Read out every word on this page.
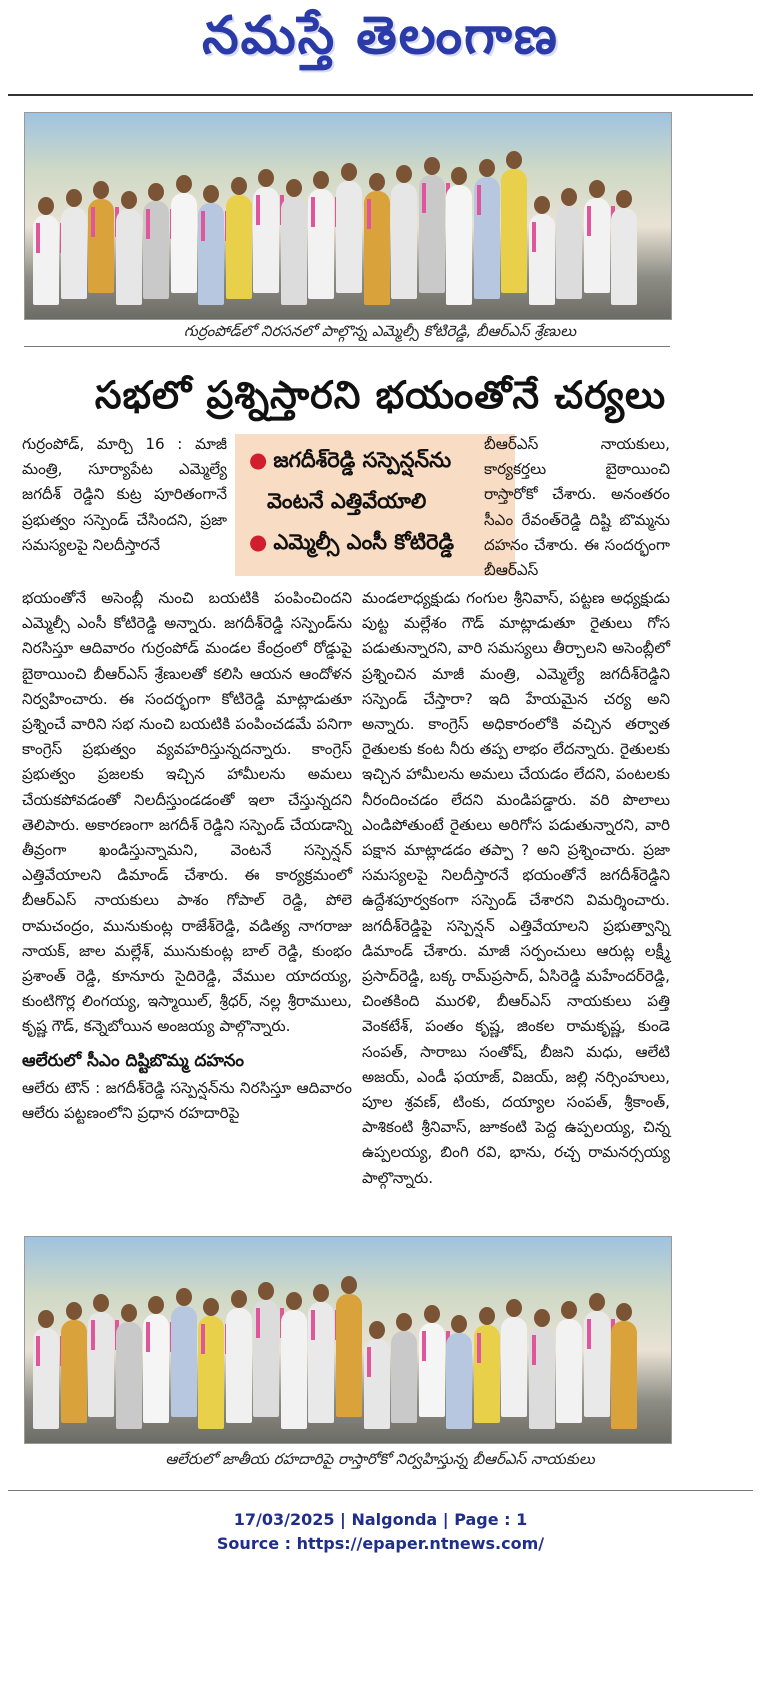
నమస్తే తెలంగాణ
గుర్రంపోడ్‌లో నిరసనలో పాల్గొన్న ఎమ్మెల్సీ కోటిరెడ్డి, బీఆర్‌ఎస్ శ్రేణులు
సభలో ప్రశ్నిస్తారని భయంతోనే చర్యలు
● జగదీశ్‌రెడ్డి సస్పెన్షన్‌ను
వెంటనే ఎత్తివేయాలి
● ఎమ్మెల్సీ ఎంసీ కోటిరెడ్డి
గుర్రంపోడ్, మార్చి 16 : మాజీ మంత్రి, సూర్యాపేట ఎమ్మెల్యే జగదీశ్ రెడ్డిని కుట్ర పూరితంగానే ప్రభుత్వం సస్పెండ్ చేసిందని, ప్రజా సమస్యలపై నిలదీస్తారనే

భయంతోనే అసెంబ్లీ నుంచి బయటికి పంపించిందని ఎమ్మెల్సీ ఎంసీ కోటిరెడ్డి అన్నారు. జగదీశ్‌రెడ్డి సస్పెండ్‌ను నిరసిస్తూ ఆదివారం గుర్రంపోడ్ మండల కేంద్రంలో రోడ్డుపై బైఠాయించి బీఆర్‌ఎస్ శ్రేణులతో కలిసి ఆయన ఆందోళన నిర్వహించారు. ఈ సందర్భంగా కోటిరెడ్డి మాట్లాడుతూ ప్రశ్నించే వారిని సభ నుంచి బయటికి పంపించడమే పనిగా కాంగ్రెస్ ప్రభుత్వం వ్యవహరిస్తున్నదన్నారు. కాంగ్రెస్ ప్రభుత్వం ప్రజలకు ఇచ్చిన హామీలను అమలు చేయకపోవడంతో నిలదీస్తుండడంతో ఇలా చేస్తున్నదని తెలిపారు. అకారణంగా జగదీశ్ రెడ్డిని సస్పెండ్ చేయడాన్ని తీవ్రంగా ఖండిస్తున్నామని, వెంటనే సస్పెన్షన్ ఎత్తివేయాలని డిమాండ్ చేశారు. ఈ కార్యక్రమంలో బీఆర్‌ఎస్ నాయకులు పాశం గోపాల్ రెడ్డి, పోలె రామచంద్రం, మునుకుంట్ల రాజేశ్‌రెడ్డి, వడిత్య నాగరాజు నాయక్, జాల మల్లేశ్, మునుకుంట్ల బాల్ రెడ్డి, కుంభం ప్రశాంత్ రెడ్డి, కూనూరు సైదిరెడ్డి, వేముల యాదయ్య, కుంటిగొర్ల లింగయ్య, ఇస్మాయిల్, శ్రీధర్, నల్ల శ్రీరాములు, కృష్ణ గౌడ్, కన్నెబోయిన అంజయ్య పాల్గొన్నారు.

ఆలేరులో సీఎం దిష్టిబొమ్మ దహనం

ఆలేరు టౌన్ : జగదీశ్‌రెడ్డి సస్పెన్షన్‌ను నిరసిస్తూ ఆదివారం ఆలేరు పట్టణంలోని ప్రధాన రహదారిపై

బీఆర్‌ఎస్ నాయకులు, కార్యకర్తలు బైఠాయించి రాస్తారోకో చేశారు. అనంతరం సీఎం రేవంత్‌రెడ్డి దిష్టి బొమ్మను దహనం చేశారు. ఈ సందర్భంగా బీఆర్‌ఎస్
మండలాధ్యక్షుడు గంగుల శ్రీనివాస్, పట్టణ అధ్యక్షుడు పుట్ట మల్లేశం గౌడ్ మాట్లాడుతూ రైతులు గోస పడుతున్నారని, వారి సమస్యలు తీర్చాలని అసెంబ్లీలో ప్రశ్నించిన మాజీ మంత్రి, ఎమ్మెల్యే జగదీశ్‌రెడ్డిని సస్పెండ్ చేస్తారా? ఇది హేయమైన చర్య అని అన్నారు. కాంగ్రెస్ అధికారంలోకి వచ్చిన తర్వాత రైతులకు కంట నీరు తప్ప లాభం లేదన్నారు. రైతులకు ఇచ్చిన హామీలను అమలు చేయడం లేదని, పంటలకు నీరందించడం లేదని మండిపడ్డారు. వరి పొలాలు ఎండిపోతుంటే రైతులు అరిగోస పడుతున్నారని, వారి పక్షాన మాట్లాడడం తప్పా ? అని ప్రశ్నించారు. ప్రజా సమస్యలపై నిలదీస్తారనే భయంతోనే జగదీశ్‌రెడ్డిని ఉద్దేశపూర్వకంగా సస్పెండ్ చేశారని విమర్శించారు. జగదీశ్‌రెడ్డిపై సస్పెన్షన్ ఎత్తివేయాలని ప్రభుత్వాన్ని డిమాండ్ చేశారు. మాజీ సర్పంచులు ఆరుట్ల లక్ష్మీ ప్రసాద్‌రెడ్డి, బక్క రామ్‌ప్రసాద్, ఏసిరెడ్డి మహేందర్‌రెడ్డి, చింతకింది మురళి, బీఆర్‌ఎస్ నాయకులు పత్తి వెంకటేశ్, పంతం కృష్ణ, జింకల రామకృష్ణ, కుండె సంపత్, సారాబు సంతోష్, బీజని మధు, ఆలేటి అజయ్, ఎండీ ఫయాజ్, విజయ్, జల్లి నర్సింహులు, పూల శ్రవణ్, టింకు, దయ్యాల సంపత్, శ్రీకాంత్, పాశికంటి శ్రీనివాస్, జూకంటి పెద్ద ఉప్పలయ్య, చిన్న ఉప్పలయ్య, బింగి రవి, భాను, రచ్చ రామనర్సయ్య పాల్గొన్నారు.
ఆలేరులో జాతీయ రహదారిపై రాస్తారోకో నిర్వహిస్తున్న బీఆర్‌ఎస్ నాయకులు
17/03/2025 | Nalgonda | Page : 1
Source : https://epaper.ntnews.com/
